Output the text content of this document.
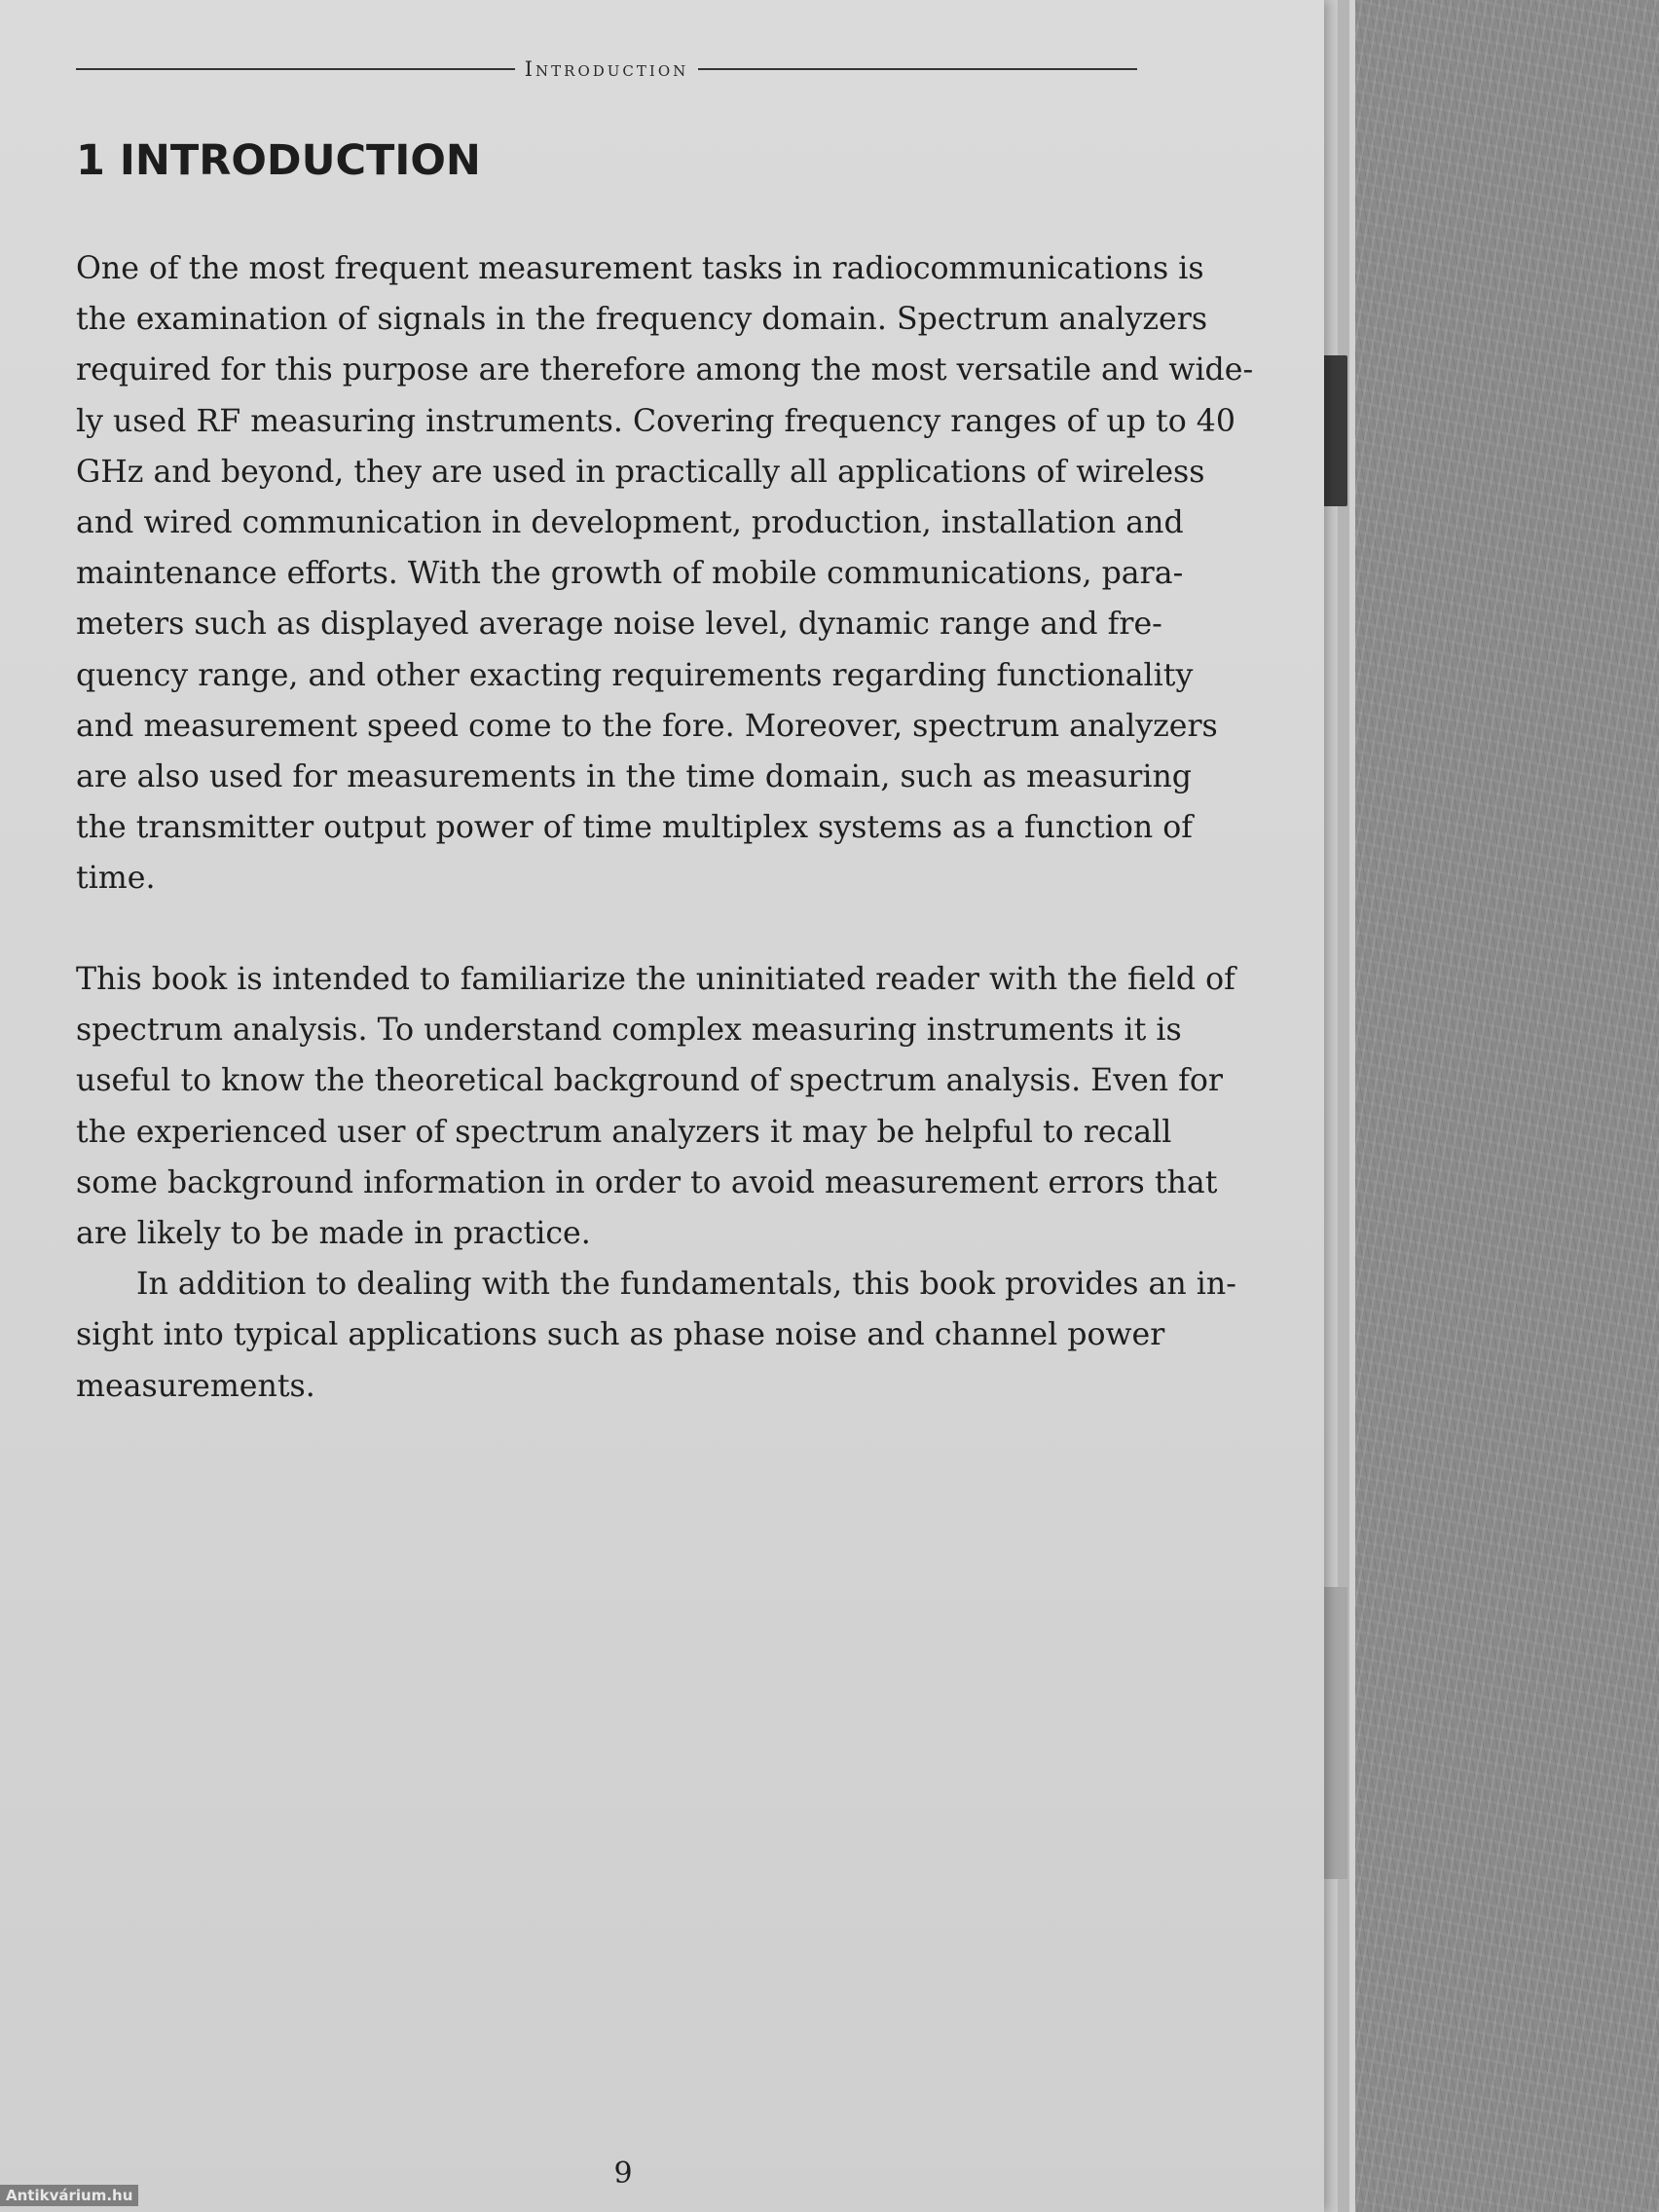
Introduction
1 INTRODUCTION

One of the most frequent measurement tasks in radiocommunications is
the examination of signals in the frequency domain. Spectrum analyzers
required for this purpose are therefore among the most versatile and wide-
ly used RF measuring instruments. Covering frequency ranges of up to 40
GHz and beyond, they are used in practically all applications of wireless
and wired communication in development, production, installation and
maintenance efforts. With the growth of mobile communications, para-
meters such as displayed average noise level, dynamic range and fre-
quency range, and other exacting requirements regarding functionality
and measurement speed come to the fore. Moreover, spectrum analyzers
are also used for measurements in the time domain, such as measuring
the transmitter output power of time multiplex systems as a function of
time.

This book is intended to familiarize the uninitiated reader with the field of
spectrum analysis. To understand complex measuring instruments it is
useful to know the theoretical background of spectrum analysis. Even for
the experienced user of spectrum analyzers it may be helpful to recall
some background information in order to avoid measurement errors that
are likely to be made in practice.

In addition to dealing with the fundamentals, this book provides an in-
sight into typical applications such as phase noise and channel power
measurements.

9
Antikvárium.hu
